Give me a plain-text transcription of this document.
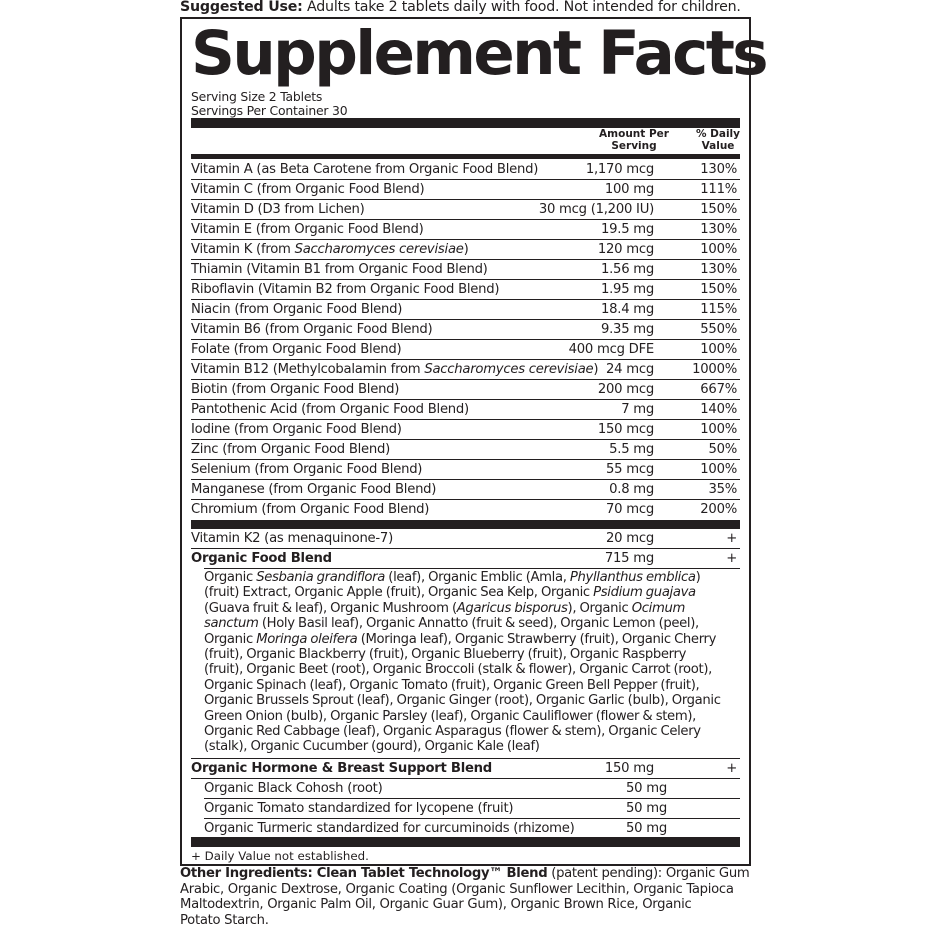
Suggested Use: Adults take 2 tablets daily with food. Not intended for children.
Supplement Facts
Serving Size 2 Tablets
Servings Per Container 30
Amount Per
Serving
% Daily
Value
Vitamin A (as Beta Carotene from Organic Food Blend)	1,170 mcg	130%
Vitamin C (from Organic Food Blend)	100 mg	111%
Vitamin D (D3 from Lichen)	30 mcg (1,200 IU)	150%
Vitamin E (from Organic Food Blend)	19.5 mg	130%
Vitamin K (from Saccharomyces cerevisiae)	120 mcg	100%
Thiamin (Vitamin B1 from Organic Food Blend)	1.56 mg	130%
Riboflavin (Vitamin B2 from Organic Food Blend)	1.95 mg	150%
Niacin (from Organic Food Blend)	18.4 mg	115%
Vitamin B6 (from Organic Food Blend)	9.35 mg	550%
Folate (from Organic Food Blend)	400 mcg DFE	100%
Vitamin B12 (Methylcobalamin from Saccharomyces cerevisiae) 24 mcg	1000%
Biotin (from Organic Food Blend)	200 mcg	667%
Pantothenic Acid (from Organic Food Blend)	7 mg	140%
Iodine (from Organic Food Blend)	150 mcg	100%
Zinc (from Organic Food Blend)	5.5 mg	50%
Selenium (from Organic Food Blend)	55 mcg	100%
Manganese (from Organic Food Blend)	0.8 mg	35%
Chromium (from Organic Food Blend)	70 mcg	200%
Vitamin K2 (as menaquinone-7)	20 mcg	+
Organic Food Blend	715 mg	+
Organic Sesbania grandiflora (leaf), Organic Emblic (Amla, Phyllanthus emblica)
(fruit) Extract, Organic Apple (fruit), Organic Sea Kelp, Organic Psidium guajava
(Guava fruit & leaf), Organic Mushroom (Agaricus bisporus), Organic Ocimum
sanctum (Holy Basil leaf), Organic Annatto (fruit & seed), Organic Lemon (peel),
Organic Moringa oleifera (Moringa leaf), Organic Strawberry (fruit), Organic Cherry
(fruit), Organic Blackberry (fruit), Organic Blueberry (fruit), Organic Raspberry
(fruit), Organic Beet (root), Organic Broccoli (stalk & flower), Organic Carrot (root),
Organic Spinach (leaf), Organic Tomato (fruit), Organic Green Bell Pepper (fruit),
Organic Brussels Sprout (leaf), Organic Ginger (root), Organic Garlic (bulb), Organic
Green Onion (bulb), Organic Parsley (leaf), Organic Cauliflower (flower & stem),
Organic Red Cabbage (leaf), Organic Asparagus (flower & stem), Organic Celery
(stalk), Organic Cucumber (gourd), Organic Kale (leaf)
Organic Hormone & Breast Support Blend	150 mg	+
Organic Black Cohosh (root)	50 mg
Organic Tomato standardized for lycopene (fruit)	50 mg
Organic Turmeric standardized for curcuminoids (rhizome)	50 mg
+ Daily Value not established.
Other Ingredients: Clean Tablet Technology™ Blend (patent pending): Organic Gum
Arabic, Organic Dextrose, Organic Coating (Organic Sunflower Lecithin, Organic Tapioca
Maltodextrin, Organic Palm Oil, Organic Guar Gum), Organic Brown Rice, Organic
Potato Starch.
